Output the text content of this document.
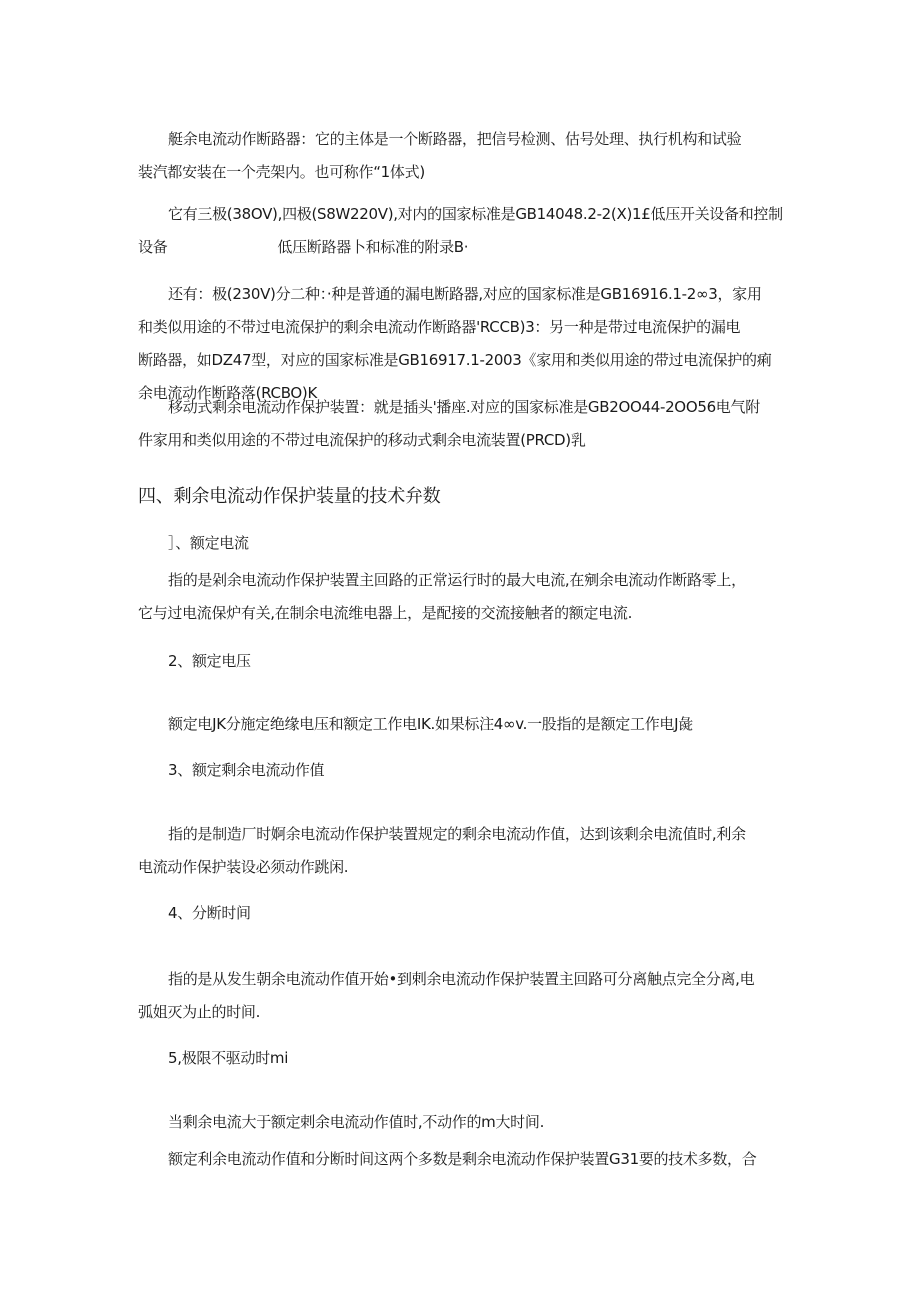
艇余电流动作断路器：它的主体是一个断路器，把信号检测、估号处理、执行机构和试验
装汽都安装在一个壳架内。也可称作“1体式)
它有三极(38OV),四极(S8W220V),对内的国家标准是GB14048.2-2(X)1£低压开关设备和控制
设备	低压断路器卜和标准的附录B·
还有：极(230V)分二种：·种是普通的漏电断路器,对应的国家标准是GB16916.1-2∞3，家用
和类似用途的不带过电流保护的剩余电流动作断路器'RCCB)3：另一种是带过电流保护的漏电
断路器，如DZ47型，对应的国家标准是GB16917.1-2003《家用和类似用途的带过电流保护的痢
余电流动作断路落(RCBO)K
移动式剩余电流动作保护装置：就是插头'播座.对应的国家标准是GB2OO44-2OO56电气附
件家用和类似用途的不带过电流保护的移动式剩余电流装置(PRCD)乳
四、剩余电流动作保护装量的技术弁数

］、额定电流

指的是剁余电流动作保护装置主回路的正常运行时的最大电流,在剜余电流动作断路零上，
它与过电流保炉有关,在制余电流维电器上，是配接的交流接触者的额定电流.

2、额定电压

额定电JK分施定绝缘电压和额定工作电IK.如果标注4∞v.一股指的是额定工作电J彘

3、额定剩余电流动作值

指的是制造厂时婀余电流动作保护装置规定的剩余电流动作值，达到该剩余电流值时,利余
电流动作保护装设必须动作跳闲.

4、分断时间

指的是从发生朝余电流动作值开始•到剌余电流动作保护装置主回路可分离触点完全分离,电
弧姐灭为止的时间.

5,极限不驱动时mi

当剩余电流大于额定剌余电流动作值时,不动作的m大时间.
额定利余电流动作值和分断时间这两个多数是剩余电流动作保护装置G31要的技术多数，合
